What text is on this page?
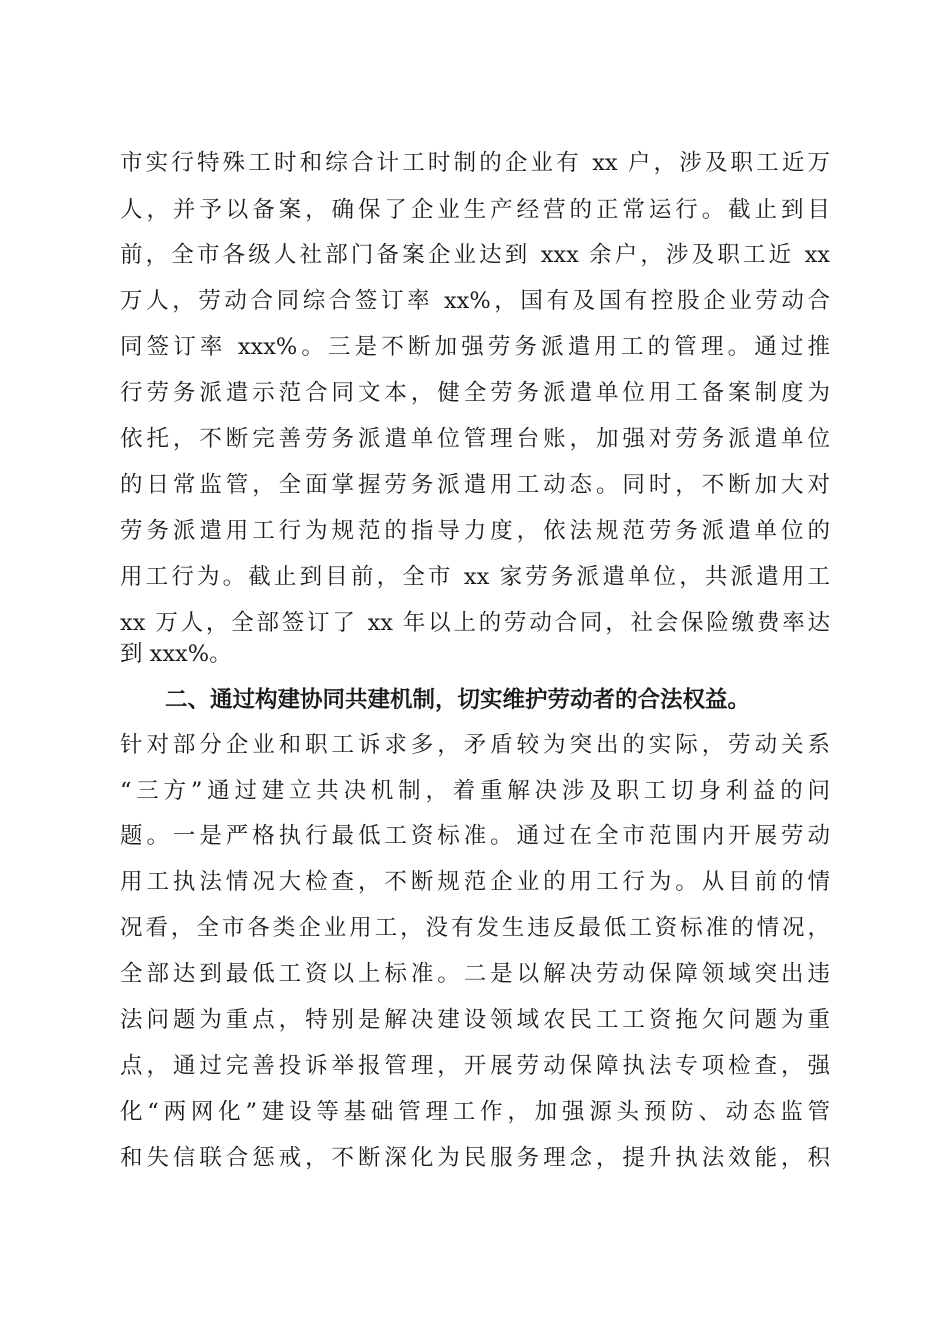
市实行特殊工时和综合计工时制的企业有 xx 户，涉及职工近万
人，并予以备案，确保了企业生产经营的正常运行。截止到目
前，全市各级人社部门备案企业达到 xxx 余户，涉及职工近 xx
万人，劳动合同综合签订率 xx%，国有及国有控股企业劳动合
同签订率 xxx%。三是不断加强劳务派遣用工的管理。通过推
行劳务派遣示范合同文本，健全劳务派遣单位用工备案制度为
依托，不断完善劳务派遣单位管理台账，加强对劳务派遣单位
的日常监管，全面掌握劳务派遣用工动态。同时，不断加大对
劳务派遣用工行为规范的指导力度，依法规范劳务派遣单位的
用工行为。截止到目前，全市 xx 家劳务派遣单位，共派遣用工
xx 万人，全部签订了 xx 年以上的劳动合同，社会保险缴费率达
到 xxx%。
二、通过构建协同共建机制，切实维护劳动者的合法权益。
针对部分企业和职工诉求多，矛盾较为突出的实际，劳动关系
“三方”通过建立共决机制，着重解决涉及职工切身利益的问
题。一是严格执行最低工资标准。通过在全市范围内开展劳动
用工执法情况大检查，不断规范企业的用工行为。从目前的情
况看，全市各类企业用工，没有发生违反最低工资标准的情况，
全部达到最低工资以上标准。二是以解决劳动保障领域突出违
法问题为重点，特别是解决建设领域农民工工资拖欠问题为重
点，通过完善投诉举报管理，开展劳动保障执法专项检查，强
化“两网化”建设等基础管理工作，加强源头预防、动态监管
和失信联合惩戒，不断深化为民服务理念，提升执法效能，积
